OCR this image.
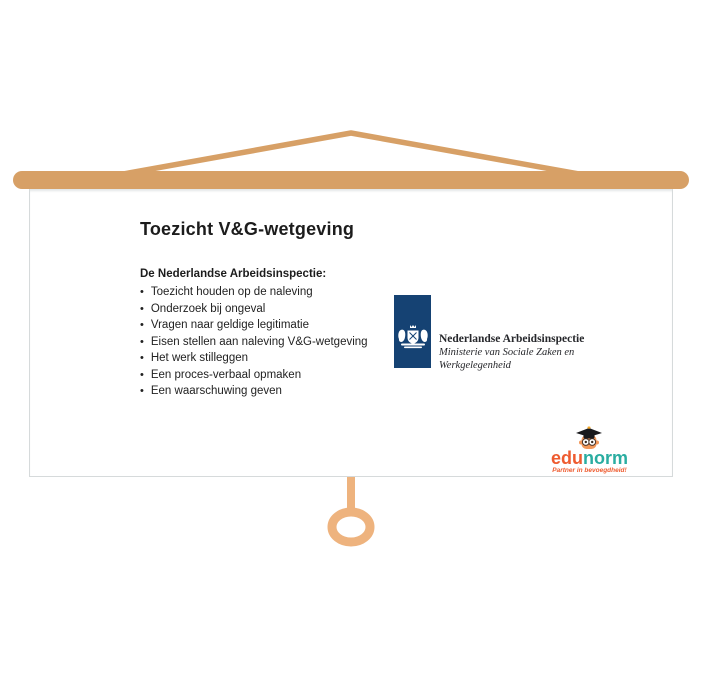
Toezicht V&G-wetgeving
De Nederlandse Arbeidsinspectie:
• Toezicht houden op de naleving
• Onderzoek bij ongeval
• Vragen naar geldige legitimatie
• Eisen stellen aan naleving V&G-wetgeving
• Het werk stilleggen
• Een proces-verbaal opmaken
• Een waarschuwing geven
Nederlandse Arbeidsinspectie
Ministerie van Sociale Zaken en
Werkgelegenheid
edunorm
Partner in bevoegdheid!
